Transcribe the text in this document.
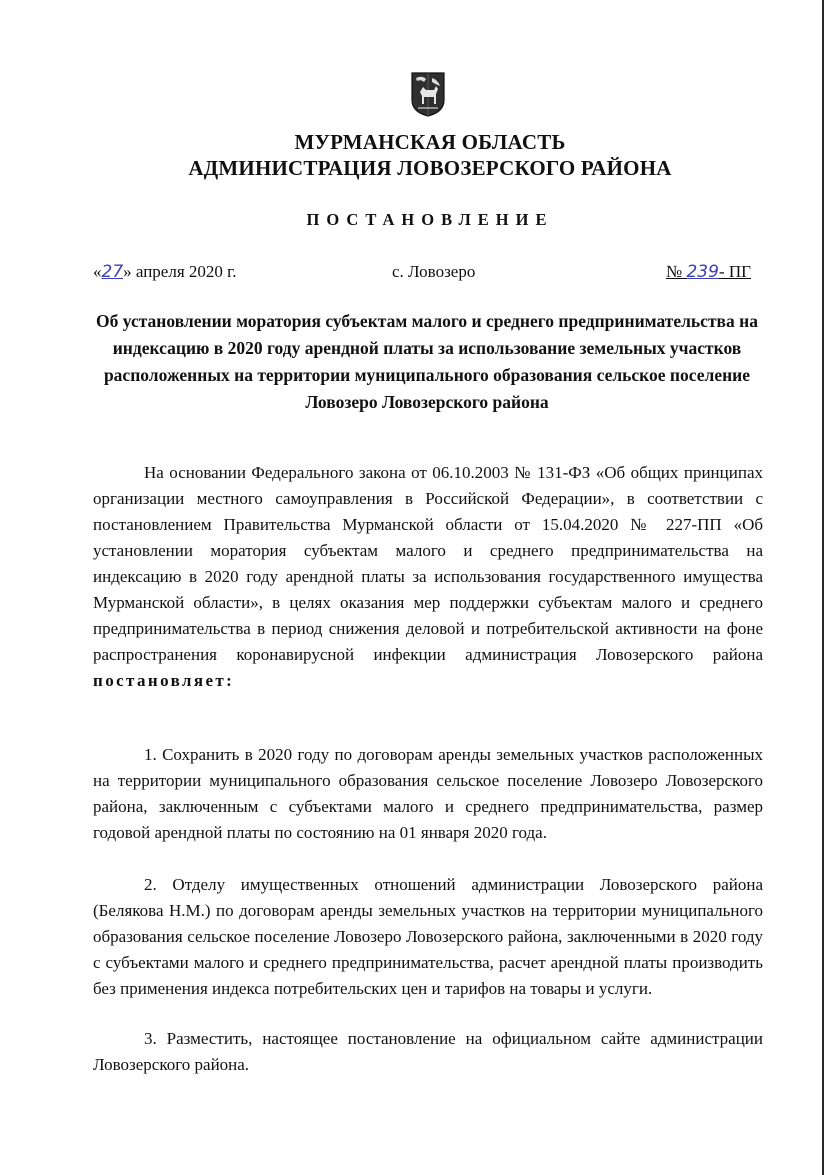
МУРМАНСКАЯ ОБЛАСТЬ

АДМИНИСТРАЦИЯ ЛОВОЗЕРСКОГО РАЙОНА

ПОСТАНОВЛЕНИЕ
«27» апреля 2020 г.	с. Ловозеро	№ 239- ПГ

Об установлении моратория субъектам малого и среднего предпринимательства на индексацию в 2020 году арендной платы за использование земельных участков расположенных на территории муниципального образования сельское поселение Ловозеро Ловозерского района

На основании Федерального закона от 06.10.2003 № 131-ФЗ «Об общих принципах организации местного самоуправления в Российской Федерации», в соответствии с постановлением Правительства Мурманской области от 15.04.2020 № 227-ПП «Об установлении моратория субъектам малого и среднего предпринимательства на индексацию в 2020 году арендной платы за использования государственного имущества Мурманской области», в целях оказания мер поддержки субъектам малого и среднего предпринимательства в период снижения деловой и потребительской активности на фоне распространения коронавирусной инфекции администрация Ловозерского района постановляет:

1. Сохранить в 2020 году по договорам аренды земельных участков расположенных на территории муниципального образования сельское поселение Ловозеро Ловозерского района, заключенным с субъектами малого и среднего предпринимательства, размер годовой арендной платы по состоянию на 01 января 2020 года.

2. Отделу имущественных отношений администрации Ловозерского района (Белякова Н.М.) по договорам аренды земельных участков на территории муниципального образования сельское поселение Ловозеро Ловозерского района, заключенными в 2020 году с субъектами малого и среднего предпринимательства, расчет арендной платы производить без применения индекса потребительских цен и тарифов на товары и услуги.

3. Разместить, настоящее постановление на официальном сайте администрации Ловозерского района.
